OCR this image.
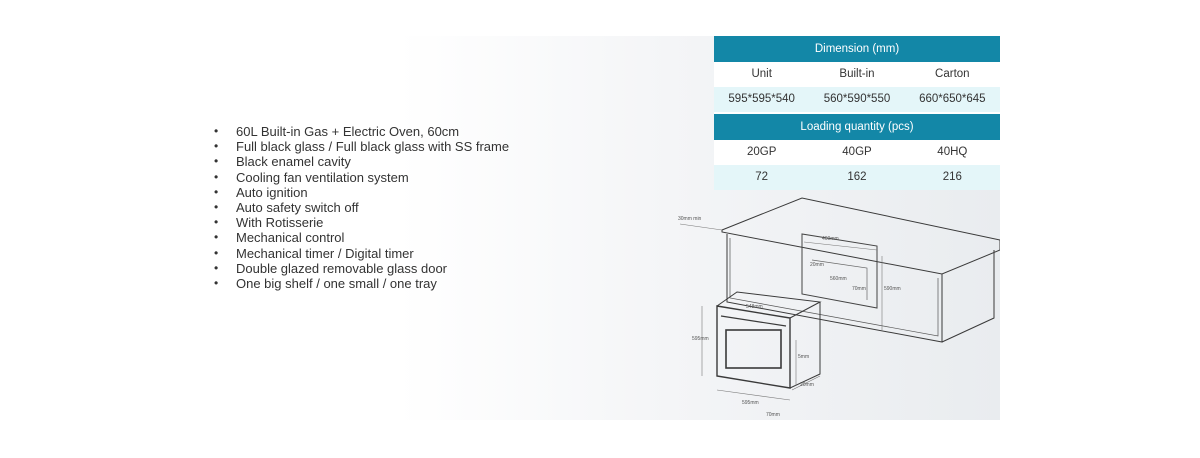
• 60L Built-in Gas + Electric Oven, 60cm
• Full black glass / Full black glass with SS frame
• Black enamel cavity
• Cooling fan ventilation system
• Auto ignition
• Auto safety switch off
• With Rotisserie
• Mechanical control
• Mechanical timer / Digital timer
• Double glazed removable glass door
• One big shelf / one small / one tray
Dimension (mm)
Unit	Built-in	Carton
595*595*540	560*590*550	660*650*645
Loading quantity (pcs)
20GP	40GP	40HQ
72	162	216
30mm min
460mm
20mm
560mm
590mm
70mm
548mm
595mm
5mm
595mm
20mm
70mm
